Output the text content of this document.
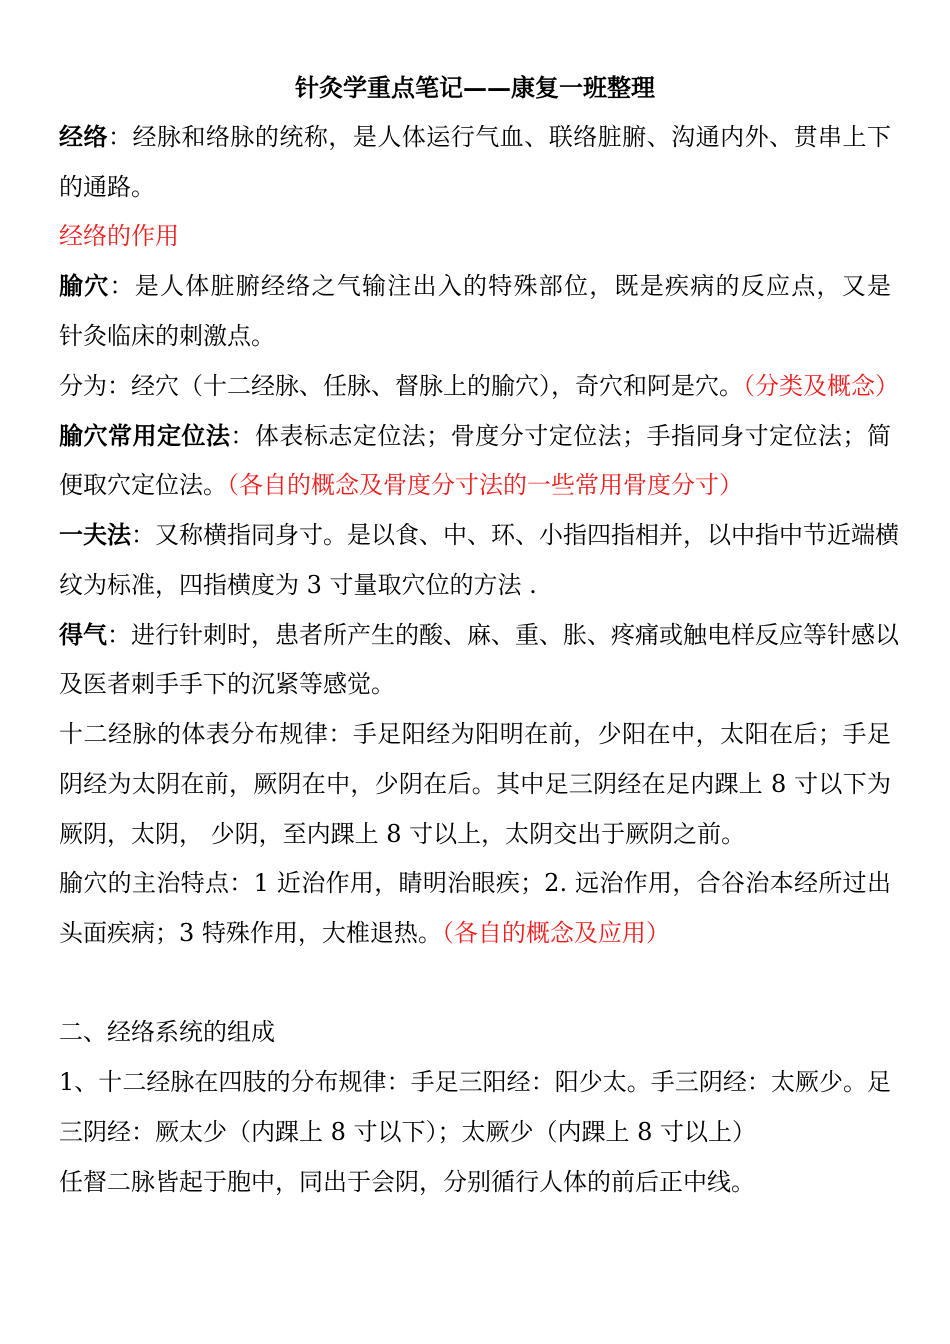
针灸学重点笔记——康复一班整理

经络：经脉和络脉的统称，是人体运行气血、联络脏腑、沟通内外、贯串上下

的通路。

经络的作用

腧穴：是人体脏腑经络之气输注出入的特殊部位，既是疾病的反应点，又是

针灸临床的刺激点。

分为：经穴（十二经脉、任脉、督脉上的腧穴），奇穴和阿是穴。（分类及概念）

腧穴常用定位法：体表标志定位法；骨度分寸定位法；手指同身寸定位法；简

便取穴定位法。（各自的概念及骨度分寸法的一些常用骨度分寸）

一夫法：又称横指同身寸。是以食、中、环、小指四指相并，以中指中节近端横

纹为标准，四指横度为 3 寸量取穴位的方法 .

得气：进行针刺时，患者所产生的酸、麻、重、胀、疼痛或触电样反应等针感以

及医者刺手手下的沉紧等感觉。

十二经脉的体表分布规律：手足阳经为阳明在前，少阳在中，太阳在后；手足

阴经为太阴在前，厥阴在中，少阴在后。其中足三阴经在足内踝上 8 寸以下为

厥阴，太阴， 少阴，至内踝上 8 寸以上，太阴交出于厥阴之前。

腧穴的主治特点：1 近治作用，睛明治眼疾；2. 远治作用，合谷治本经所过出

头面疾病；3 特殊作用，大椎退热。（各自的概念及应用）

二、经络系统的组成

1、十二经脉在四肢的分布规律：手足三阳经：阳少太。手三阴经：太厥少。足

三阴经：厥太少（内踝上 8 寸以下）；太厥少（内踝上 8 寸以上）

任督二脉皆起于胞中，同出于会阴，分别循行人体的前后正中线。
